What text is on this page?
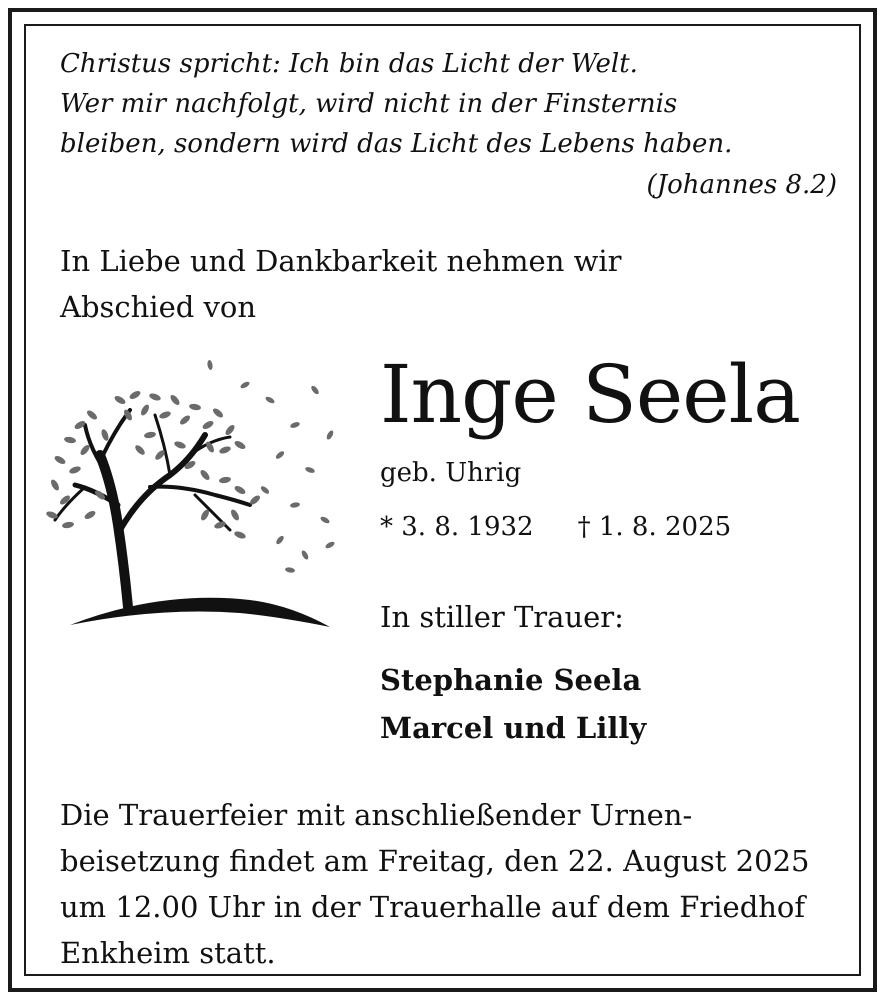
Christus spricht: Ich bin das Licht der Welt.
Wer mir nachfolgt, wird nicht in der Finsternis
bleiben, sondern wird das Licht des Lebens haben.
(Johannes 8.2)
In Liebe und Dankbarkeit nehmen wir
Abschied von
Inge Seela
geb. Uhrig
* 3. 8. 1932 † 1. 8. 2025
In stiller Trauer:
Stephanie Seela
Marcel und Lilly
Die Trauerfeier mit anschließender Urnen-
beisetzung findet am Freitag, den 22. August 2025
um 12.00 Uhr in der Trauerhalle auf dem Friedhof
Enkheim statt.
